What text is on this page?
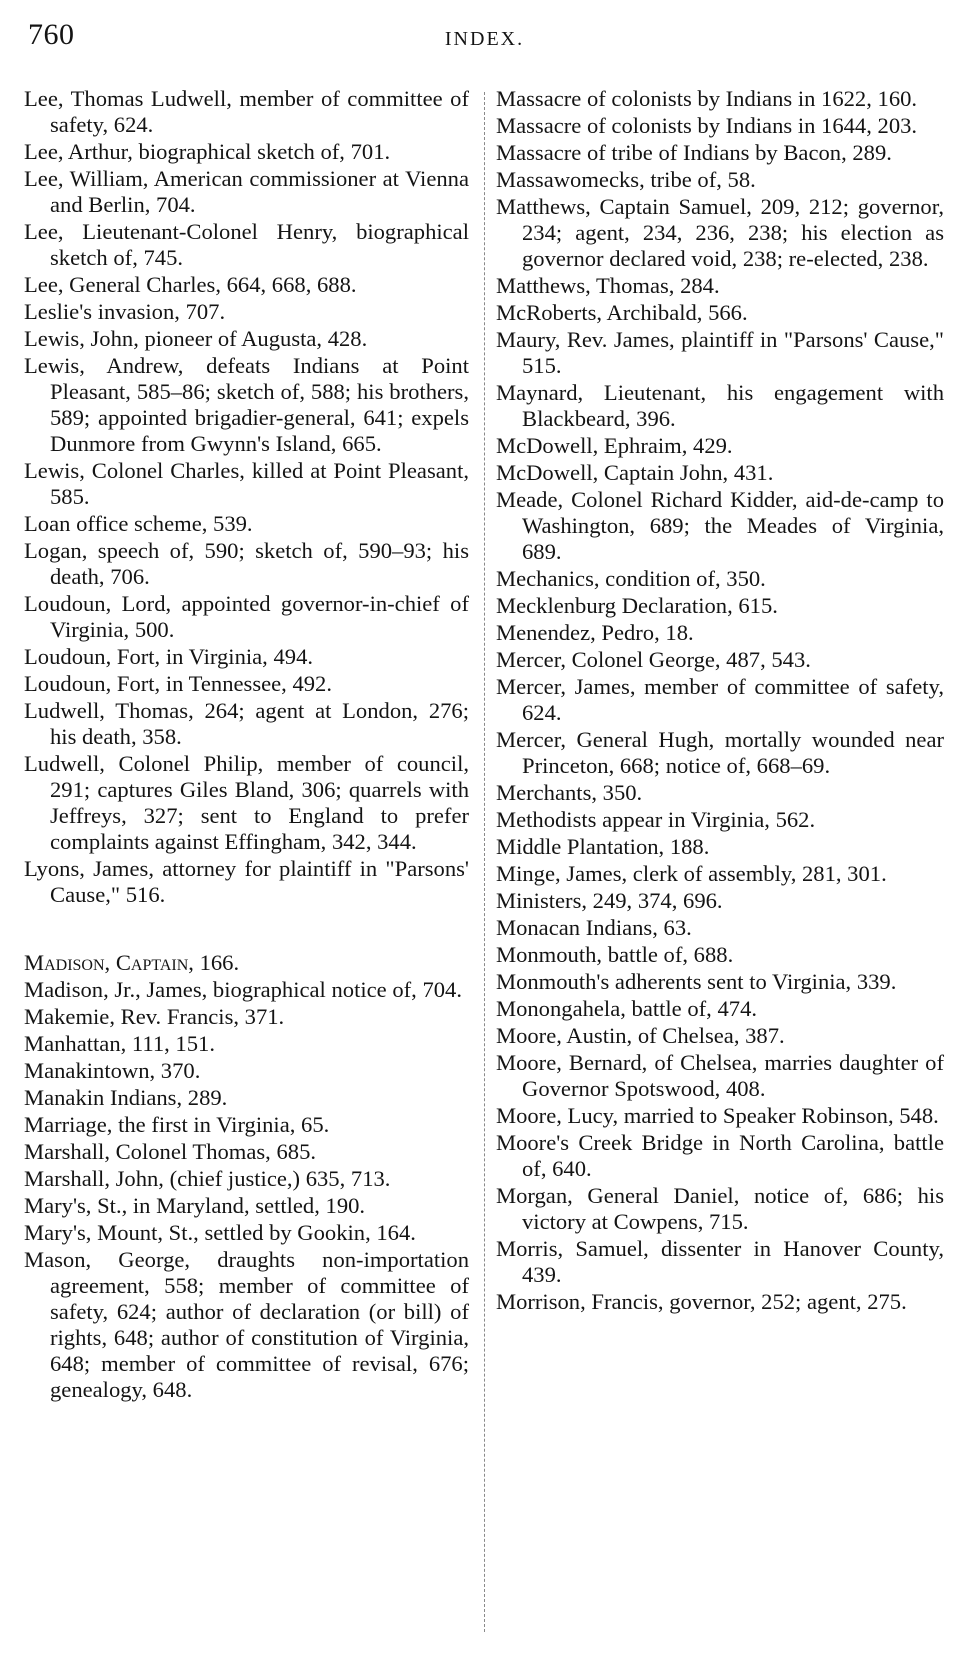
760	INDEX.

Lee, Thomas Ludwell, member of committee of safety, 624.

Lee, Arthur, biographical sketch of, 701.

Lee, William, American commissioner at Vienna and Berlin, 704.

Lee, Lieutenant-Colonel Henry, biographical sketch of, 745.

Lee, General Charles, 664, 668, 688.

Leslie's invasion, 707.

Lewis, John, pioneer of Augusta, 428.

Lewis, Andrew, defeats Indians at Point Pleasant, 585–86; sketch of, 588; his brothers, 589; appointed brigadier-general, 641; expels Dunmore from Gwynn's Island, 665.

Lewis, Colonel Charles, killed at Point Pleasant, 585.

Loan office scheme, 539.

Logan, speech of, 590; sketch of, 590–93; his death, 706.

Loudoun, Lord, appointed governor-in-chief of Virginia, 500.

Loudoun, Fort, in Virginia, 494.

Loudoun, Fort, in Tennessee, 492.

Ludwell, Thomas, 264; agent at London, 276; his death, 358.

Ludwell, Colonel Philip, member of council, 291; captures Giles Bland, 306; quarrels with Jeffreys, 327; sent to England to prefer complaints against Effingham, 342, 344.

Lyons, James, attorney for plaintiff in "Parsons' Cause," 516.

Madison, Captain, 166.

Madison, Jr., James, biographical notice of, 704.

Makemie, Rev. Francis, 371.

Manhattan, 111, 151.

Manakintown, 370.

Manakin Indians, 289.

Marriage, the first in Virginia, 65.

Marshall, Colonel Thomas, 685.

Marshall, John, (chief justice,) 635, 713.

Mary's, St., in Maryland, settled, 190.

Mary's, Mount, St., settled by Gookin, 164.

Mason, George, draughts non-importation agreement, 558; member of committee of safety, 624; author of declaration (or bill) of rights, 648; author of constitution of Virginia, 648; member of committee of revisal, 676; genealogy, 648.

Massacre of colonists by Indians in 1622, 160.

Massacre of colonists by Indians in 1644, 203.

Massacre of tribe of Indians by Bacon, 289.

Massawomecks, tribe of, 58.

Matthews, Captain Samuel, 209, 212; governor, 234; agent, 234, 236, 238; his election as governor declared void, 238; re-elected, 238.

Matthews, Thomas, 284.

McRoberts, Archibald, 566.

Maury, Rev. James, plaintiff in "Parsons' Cause," 515.

Maynard, Lieutenant, his engagement with Blackbeard, 396.

McDowell, Ephraim, 429.

McDowell, Captain John, 431.

Meade, Colonel Richard Kidder, aid-de-camp to Washington, 689; the Meades of Virginia, 689.

Mechanics, condition of, 350.

Mecklenburg Declaration, 615.

Menendez, Pedro, 18.

Mercer, Colonel George, 487, 543.

Mercer, James, member of committee of safety, 624.

Mercer, General Hugh, mortally wounded near Princeton, 668; notice of, 668–69.

Merchants, 350.

Methodists appear in Virginia, 562.

Middle Plantation, 188.

Minge, James, clerk of assembly, 281, 301.

Ministers, 249, 374, 696.

Monacan Indians, 63.

Monmouth, battle of, 688.

Monmouth's adherents sent to Virginia, 339.

Monongahela, battle of, 474.

Moore, Austin, of Chelsea, 387.

Moore, Bernard, of Chelsea, marries daughter of Governor Spotswood, 408.

Moore, Lucy, married to Speaker Robinson, 548.

Moore's Creek Bridge in North Carolina, battle of, 640.

Morgan, General Daniel, notice of, 686; his victory at Cowpens, 715.

Morris, Samuel, dissenter in Hanover County, 439.

Morrison, Francis, governor, 252; agent, 275.
